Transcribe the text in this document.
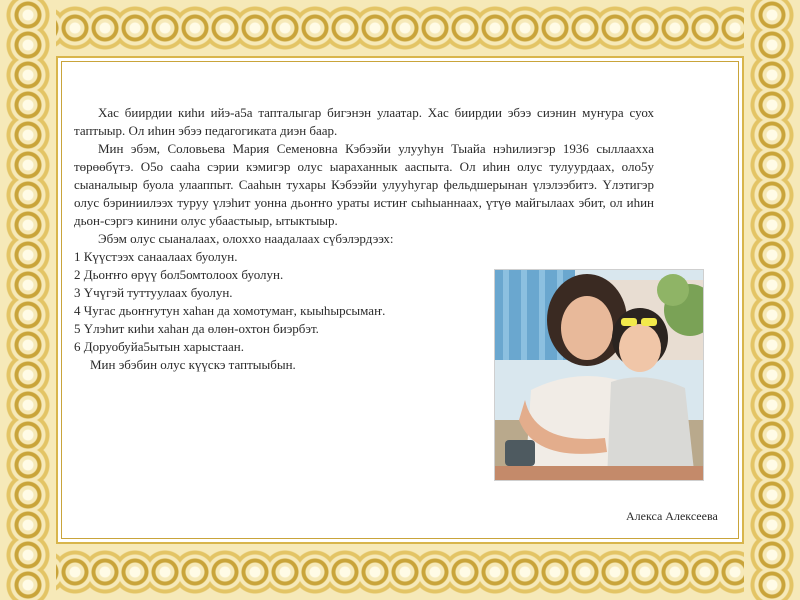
Хас биирдии киhи ийэ-а5а тапталыгар бигэнэн улаатар. Хас биирдии эбээ сиэнин муҥура суох таптыыр. Ол иhин эбээ педагогиката диэн баар.

Мин эбэм, Соловьева Мария Семеновна Кэбээйи улууhун Тыайа нэhилиэгэр 1936 сыллаахха төрөөбүтэ. О5о сааhа сэрии кэмигэр олус ыараханнык ааспыта. Ол иhин олус тулуурдаах, оло5у сыаналыыр буола улааппыт. Сааhын тухары Кэбээйи улууhугар фельдшерынан үлэлээбитэ. Үлэтигэр олус бэриниилээх туруу үлэhит уонна дьоҥҥо ураты истиҥ сыhыаннаах, үтүө майгылаах эбит, ол иhин дьон-сэргэ кинини олус убаастыыр, ытыктыыр.

Эбэм олус сыаналаах, олохxо наадалаах сүбэлэрдээх:

1 Күүстээх санаалаах буолун.

2 Дьоҥҥо өрүү бол5омтолоох буолун.

3 Үчүгэй туттуулаах буолун.

4 Чугас дьоҥҥутун хаhан да хомотумаҥ, кыыhырсымаҥ.

5 Үлэhит киhи хаhан да өлөн-охтон биэрбэт.

6 Доруобуйа5ытын харыстаан.

Мин эбэбин олус күүскэ таптыыбын.

Алекса Алексеева
